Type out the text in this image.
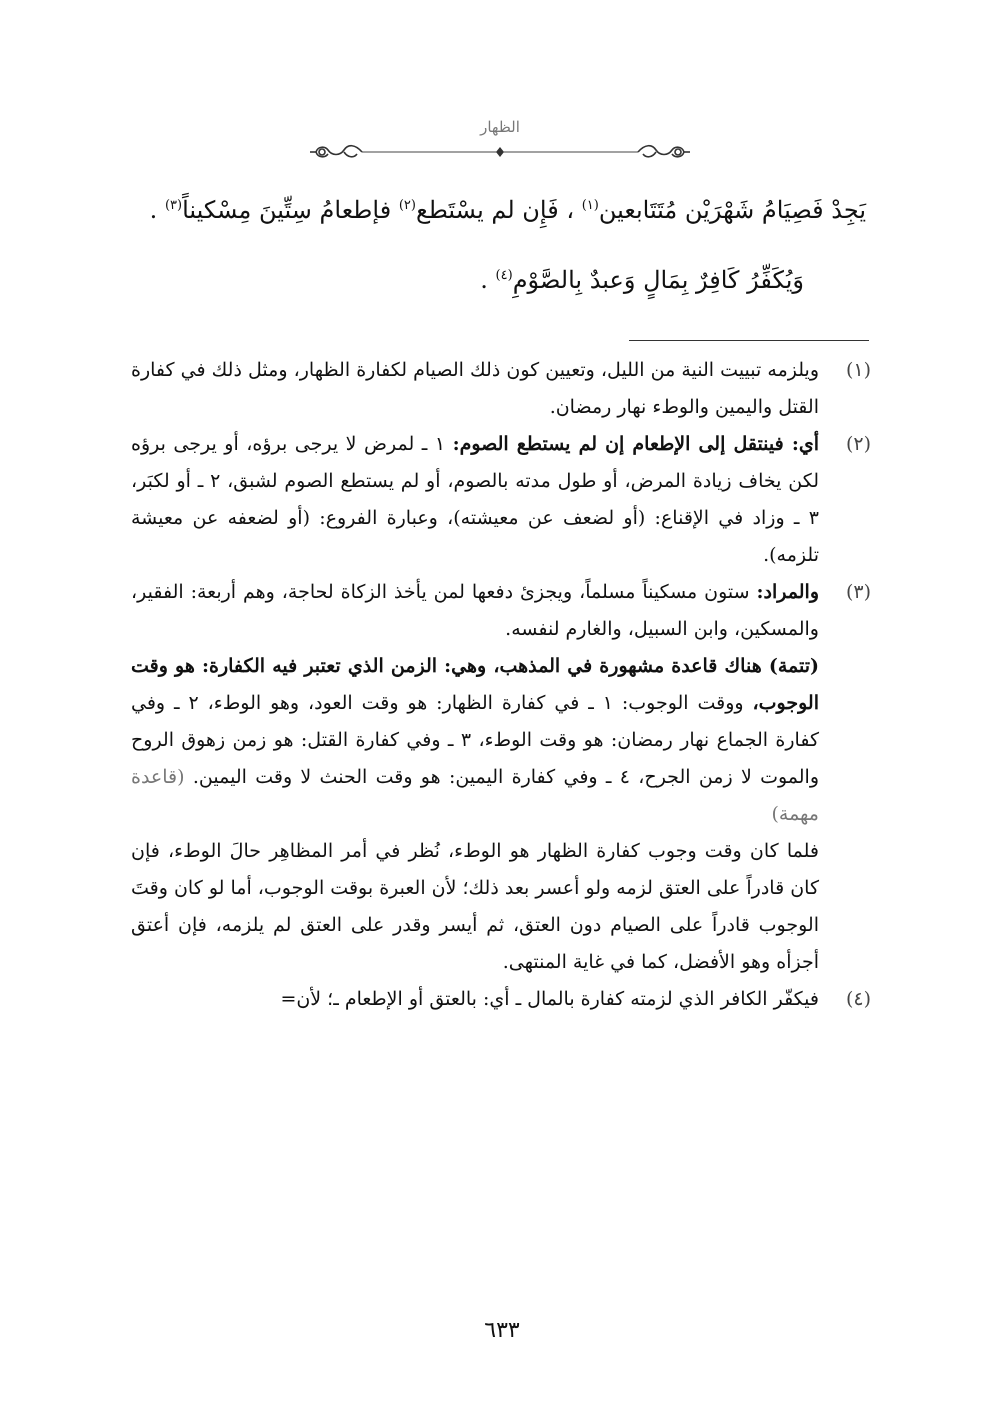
الظهار
يَجِدْ فَصِيَامُ شَهْرَيْن مُتَتَابعين$^{(١)}$ ، فَإِن لم يسْتَطع$^{(٢)}$ فإطعامُ سِتِّينَ مِسْكيناً$^{(٣)}$ .
وَيُكَفِّرُ كَافِرٌ بِمَالٍ وَعبدٌ بِالصَّوْمِ$^{(٤)}$ .
(١)
ويلزمه تبييت النية من الليل، وتعيين كون ذلك الصيام لكفارة الظهار، ومثل ذلك في كفارة القتل واليمين والوطء نهار رمضان.
(٢)
أي: فينتقل إلى الإطعام إن لم يستطع الصوم: ١ ـ لمرض لا يرجى برؤه، أو يرجى برؤه لكن يخاف زيادة المرض، أو طول مدته بالصوم، أو لم يستطع الصوم لشبق، ٢ ـ أو لكبَر، ٣ ـ وزاد في الإقناع: (أو لضعف عن معيشته)، وعبارة الفروع: (أو لضعفه عن معيشة تلزمه).
(٣)
والمراد: ستون مسكيناً مسلماً، ويجزئ دفعها لمن يأخذ الزكاة لحاجة، وهم أربعة: الفقير، والمسكين، وابن السبيل، والغارم لنفسه.
(تتمة) هناك قاعدة مشهورة في المذهب، وهي: الزمن الذي تعتبر فيه الكفارة: هو وقت الوجوب، ووقت الوجوب: ١ ـ في كفارة الظهار: هو وقت العود، وهو الوطء، ٢ ـ وفي كفارة الجماع نهار رمضان: هو وقت الوطء، ٣ ـ وفي كفارة القتل: هو زمن زهوق الروح والموت لا زمن الجرح، ٤ ـ وفي كفارة اليمين: هو وقت الحنث لا وقت اليمين. (قاعدة مهمة)
فلما كان وقت وجوب كفارة الظهار هو الوطء، نُظر في أمر المظاهِر حالَ الوطء، فإن كان قادراً على العتق لزمه ولو أعسر بعد ذلك؛ لأن العبرة بوقت الوجوب، أما لو كان وقتَ الوجوب قادراً على الصيام دون العتق، ثم أيسر وقدر على العتق لم يلزمه، فإن أعتق أجزأه وهو الأفضل، كما في غاية المنتهى.
(٤)
فيكفّر الكافر الذي لزمته كفارة بالمال ـ أي: بالعتق أو الإطعام ـ؛ لأن=
٦٣٣
